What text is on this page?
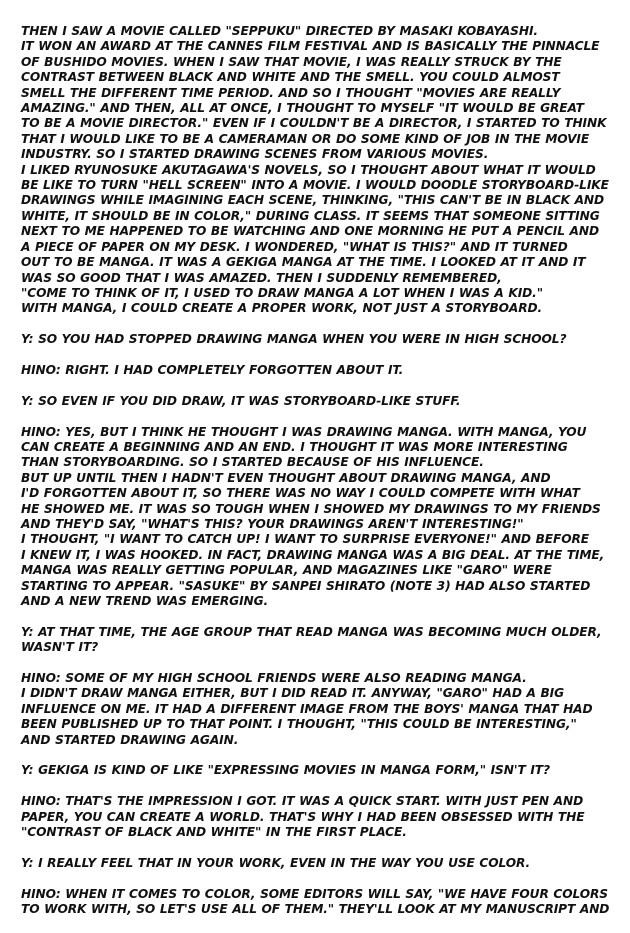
THEN I SAW A MOVIE CALLED "SEPPUKU" DIRECTED BY MASAKI KOBAYASHI.
IT WON AN AWARD AT THE CANNES FILM FESTIVAL AND IS BASICALLY THE PINNACLE
OF BUSHIDO MOVIES. WHEN I SAW THAT MOVIE, I WAS REALLY STRUCK BY THE
CONTRAST BETWEEN BLACK AND WHITE AND THE SMELL. YOU COULD ALMOST
SMELL THE DIFFERENT TIME PERIOD. AND SO I THOUGHT "MOVIES ARE REALLY
AMAZING." AND THEN, ALL AT ONCE, I THOUGHT TO MYSELF "IT WOULD BE GREAT
TO BE A MOVIE DIRECTOR." EVEN IF I COULDN'T BE A DIRECTOR, I STARTED TO THINK
THAT I WOULD LIKE TO BE A CAMERAMAN OR DO SOME KIND OF JOB IN THE MOVIE
INDUSTRY. SO I STARTED DRAWING SCENES FROM VARIOUS MOVIES.
I LIKED RYUNOSUKE AKUTAGAWA'S NOVELS, SO I THOUGHT ABOUT WHAT IT WOULD
BE LIKE TO TURN "HELL SCREEN" INTO A MOVIE. I WOULD DOODLE STORYBOARD-LIKE
DRAWINGS WHILE IMAGINING EACH SCENE, THINKING, "THIS CAN'T BE IN BLACK AND
WHITE, IT SHOULD BE IN COLOR," DURING CLASS. IT SEEMS THAT SOMEONE SITTING
NEXT TO ME HAPPENED TO BE WATCHING AND ONE MORNING HE PUT A PENCIL AND
A PIECE OF PAPER ON MY DESK. I WONDERED, "WHAT IS THIS?" AND IT TURNED
OUT TO BE MANGA. IT WAS A GEKIGA MANGA AT THE TIME. I LOOKED AT IT AND IT
WAS SO GOOD THAT I WAS AMAZED. THEN I SUDDENLY REMEMBERED,
"COME TO THINK OF IT, I USED TO DRAW MANGA A LOT WHEN I WAS A KID."
WITH MANGA, I COULD CREATE A PROPER WORK, NOT JUST A STORYBOARD.

Y: SO YOU HAD STOPPED DRAWING MANGA WHEN YOU WERE IN HIGH SCHOOL?

HINO: RIGHT. I HAD COMPLETELY FORGOTTEN ABOUT IT.

Y: SO EVEN IF YOU DID DRAW, IT WAS STORYBOARD-LIKE STUFF.

HINO: YES, BUT I THINK HE THOUGHT I WAS DRAWING MANGA. WITH MANGA, YOU
CAN CREATE A BEGINNING AND AN END. I THOUGHT IT WAS MORE INTERESTING
THAN STORYBOARDING. SO I STARTED BECAUSE OF HIS INFLUENCE.
BUT UP UNTIL THEN I HADN'T EVEN THOUGHT ABOUT DRAWING MANGA, AND
I'D FORGOTTEN ABOUT IT, SO THERE WAS NO WAY I COULD COMPETE WITH WHAT
HE SHOWED ME. IT WAS SO TOUGH WHEN I SHOWED MY DRAWINGS TO MY FRIENDS
AND THEY'D SAY, "WHAT'S THIS? YOUR DRAWINGS AREN'T INTERESTING!"
I THOUGHT, "I WANT TO CATCH UP! I WANT TO SURPRISE EVERYONE!" AND BEFORE
I KNEW IT, I WAS HOOKED. IN FACT, DRAWING MANGA WAS A BIG DEAL. AT THE TIME,
MANGA WAS REALLY GETTING POPULAR, AND MAGAZINES LIKE "GARO" WERE
STARTING TO APPEAR. "SASUKE" BY SANPEI SHIRATO (NOTE 3) HAD ALSO STARTED
AND A NEW TREND WAS EMERGING.

Y: AT THAT TIME, THE AGE GROUP THAT READ MANGA WAS BECOMING MUCH OLDER,
WASN'T IT?

HINO: SOME OF MY HIGH SCHOOL FRIENDS WERE ALSO READING MANGA.
I DIDN'T DRAW MANGA EITHER, BUT I DID READ IT. ANYWAY, "GARO" HAD A BIG
INFLUENCE ON ME. IT HAD A DIFFERENT IMAGE FROM THE BOYS' MANGA THAT HAD
BEEN PUBLISHED UP TO THAT POINT. I THOUGHT, "THIS COULD BE INTERESTING,"
AND STARTED DRAWING AGAIN.

Y: GEKIGA IS KIND OF LIKE "EXPRESSING MOVIES IN MANGA FORM," ISN'T IT?

HINO: THAT'S THE IMPRESSION I GOT. IT WAS A QUICK START. WITH JUST PEN AND
PAPER, YOU CAN CREATE A WORLD. THAT'S WHY I HAD BEEN OBSESSED WITH THE
"CONTRAST OF BLACK AND WHITE" IN THE FIRST PLACE.

Y: I REALLY FEEL THAT IN YOUR WORK, EVEN IN THE WAY YOU USE COLOR.

HINO: WHEN IT COMES TO COLOR, SOME EDITORS WILL SAY, "WE HAVE FOUR COLORS
TO WORK WITH, SO LET'S USE ALL OF THEM." THEY'LL LOOK AT MY MANUSCRIPT AND
